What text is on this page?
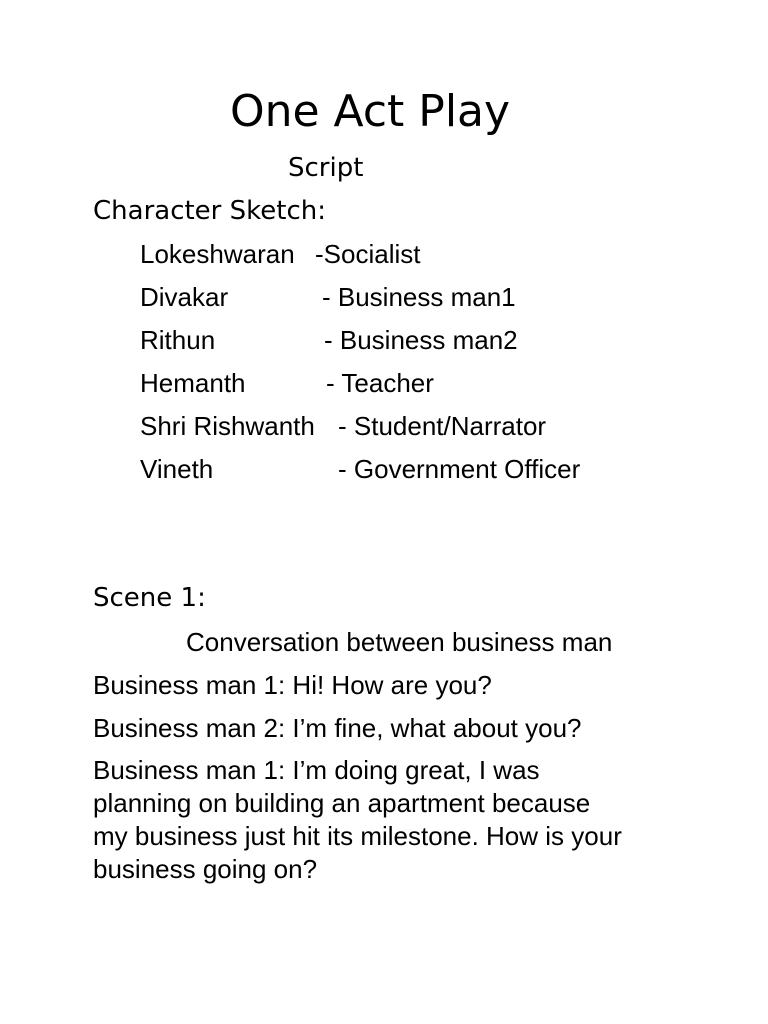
One Act Play
Script
Character Sketch:
Lokeshwaran -Socialist
Divakar	- Business man1
Rithun	- Business man2
Hemanth	- Teacher
Shri Rishwanth - Student/Narrator
Vineth	- Government Officer
Scene 1:
Conversation between business man
Business man 1: Hi! How are you?
Business man 2: I’m fine, what about you?
Business man 1: I’m doing great, I was
planning on building an apartment because
my business just hit its milestone. How is your
business going on?
